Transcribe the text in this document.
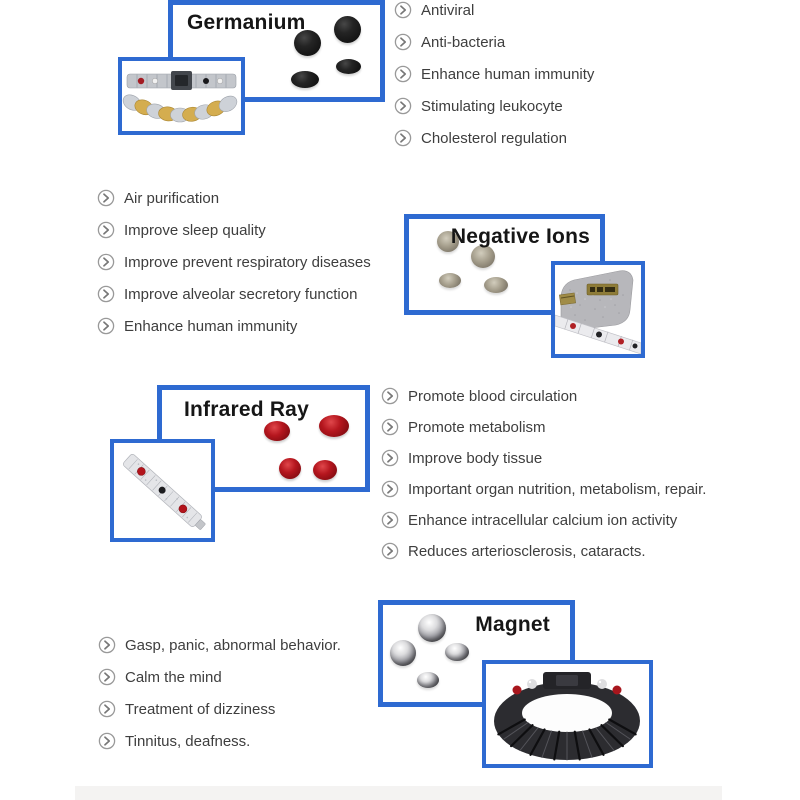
Germanium
Antiviral
Anti-bacteria
Enhance human immunity
Stimulating leukocyte
Cholesterol regulation
Air purification
Improve sleep quality
Improve prevent respiratory diseases
Improve alveolar secretory function
Enhance human immunity
Negative Ions
Infrared Ray
Promote blood circulation
Promote metabolism
Improve body tissue
Important organ nutrition, metabolism, repair.
Enhance intracellular calcium ion activity
Reduces arteriosclerosis, cataracts.
Gasp, panic, abnormal behavior.
Calm the mind
Treatment of dizziness
Tinnitus, deafness.
Magnet
